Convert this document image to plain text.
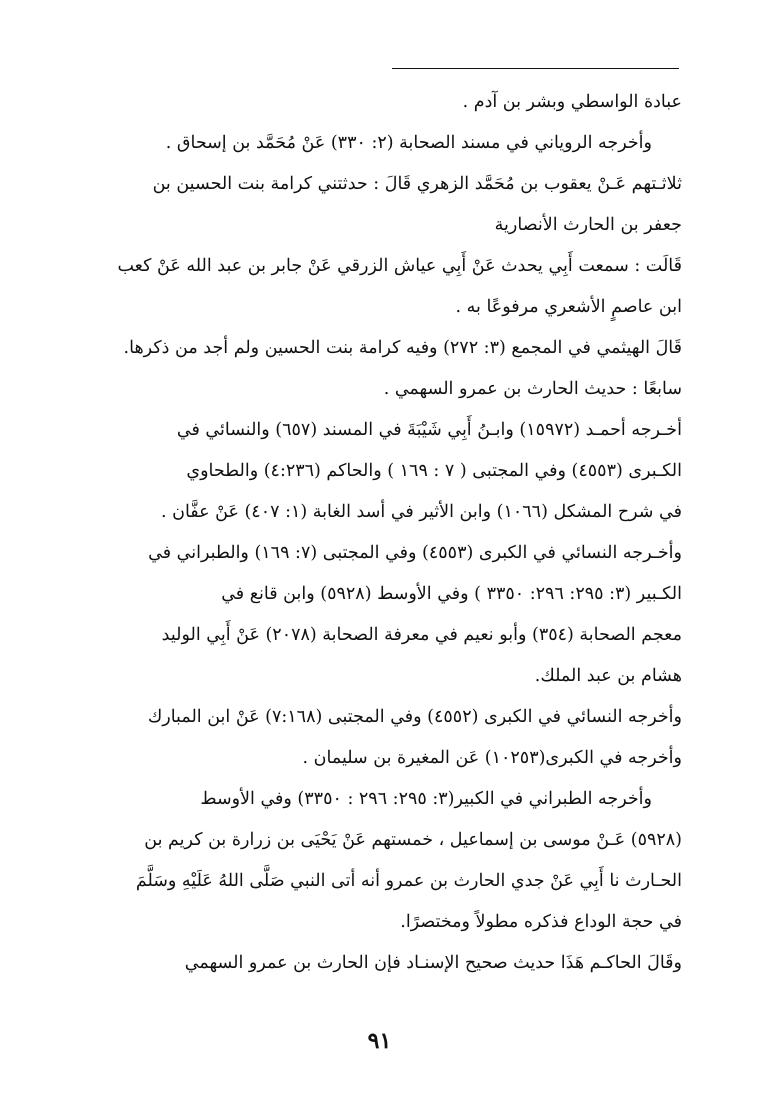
عبادة الواسطي وبشر بن آدم .
وأخرجه الروياني في مسند الصحابة (٢: ٣٣٠) عَنْ مُحَمَّد بن إسحاق .
ثلاثـتهم عَـنْ يعقوب بن مُحَمَّد الزهري قَالَ : حدثتني كرامة بنت الحسين بن
جعفر بن الحارث الأنصارية
قَالَت : سمعت أَبِي يحدث عَنْ أَبِي عياش الزرقي عَنْ جابر بن عبد الله عَنْ كعب
ابن عاصمٍ الأشعري مرفوعًا به .
قَالَ الهيثمي في المجمع (٣: ٢٧٢) وفيه كرامة بنت الحسين ولم أجد من ذكرها.
سابعًا : حديث الحارث بن عمرو السهمي .
أخـرجه أحمـد (١٥٩٧٢) وابـنُ أَبِي شَيْبَةَ في المسند (٦٥٧) والنسائي في
الكـبرى (٤٥٥٣) وفي المجتبى ( ٧ : ١٦٩ ) والحاكم (٤:٢٣٦) والطحاوي
في شرح المشكل (١٠٦٦) وابن الأثير في أسد الغابة (١: ٤٠٧) عَنْ عفَّان .
وأخـرجه النسائي في الكبرى (٤٥٥٣) وفي المجتبى (٧: ١٦٩) والطبراني في
الكـبير (٣: ٢٩٥: ٢٩٦: ٣٣٥٠ ) وفي الأوسط (٥٩٢٨) وابن قانع في
معجم الصحابة (٣٥٤) وأبو نعيم في معرفة الصحابة (٢٠٧٨) عَنْ أَبِي الوليد
هشام بن عبد الملك.
وأخرجه النسائي في الكبرى (٤٥٥٢) وفي المجتبى (٧:١٦٨) عَنْ ابن المبارك
وأخرجه في الكبرى(١٠٢٥٣) عَن المغيرة بن سليمان .
وأخرجه الطبراني في الكبير(٣: ٢٩٥: ٢٩٦ : ٣٣٥٠) وفي الأوسط
(٥٩٢٨) عَـنْ موسى بن إسماعيل ، خمستهم عَنْ يَحْيَى بن زرارة بن كريم بن
الحـارث نا أَبِي عَنْ جدي الحارث بن عمرو أنه أتى النبي صَلَّى اللهُ عَلَيْهِ وسَلَّمَ
في حجة الوداع فذكره مطولاً ومختصرًا.
وقَالَ الحاكـم هَذَا حديث صحيح الإسنـاد فإن الحارث بن عمرو السهمي
٩١
